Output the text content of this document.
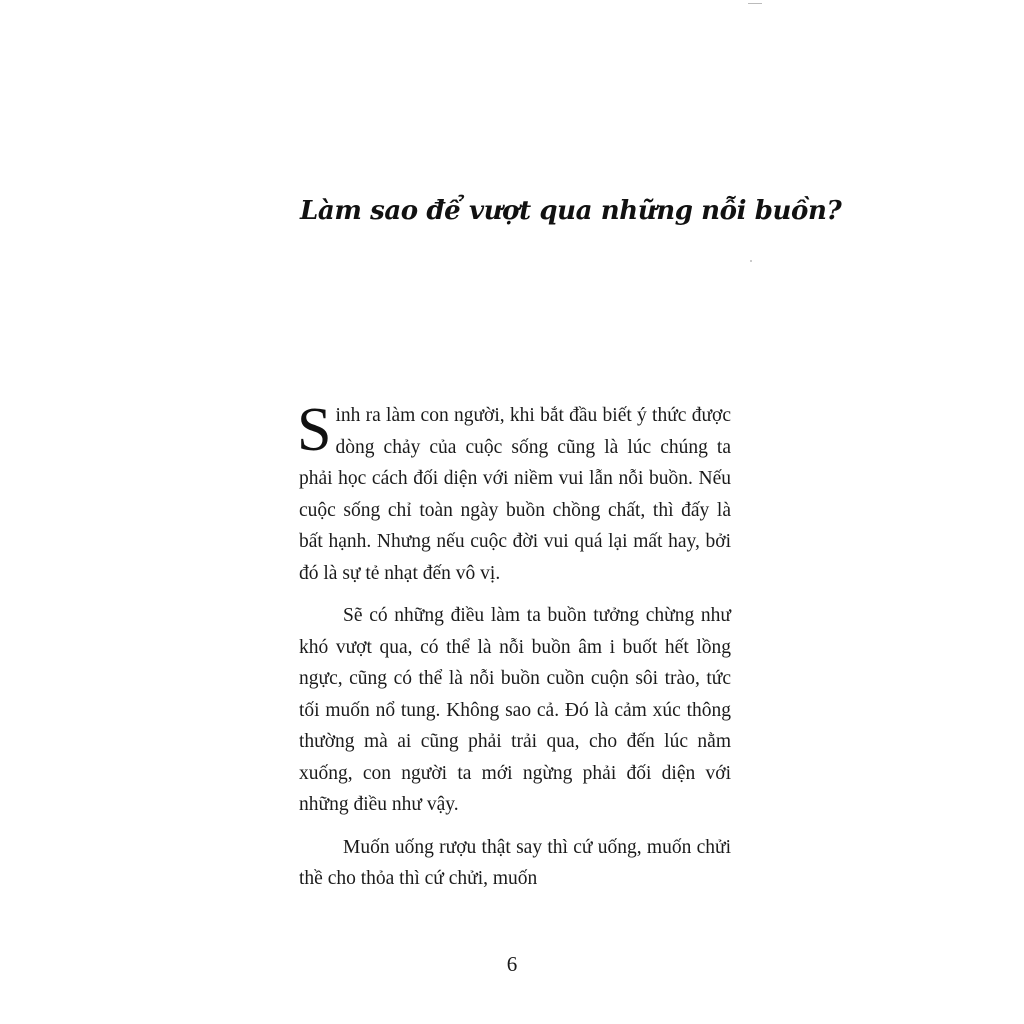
Làm sao để vượt qua những nỗi buồn?

Sinh ra làm con người, khi bắt đầu biết ý thức được dòng chảy của cuộc sống cũng là lúc chúng ta phải học cách đối diện với niềm vui lẫn nỗi buồn. Nếu cuộc sống chỉ toàn ngày buồn chồng chất, thì đấy là bất hạnh. Nhưng nếu cuộc đời vui quá lại mất hay, bởi đó là sự tẻ nhạt đến vô vị.

Sẽ có những điều làm ta buồn tưởng chừng như khó vượt qua, có thể là nỗi buồn âm i buốt hết lồng ngực, cũng có thể là nỗi buồn cuồn cuộn sôi trào, tức tối muốn nổ tung. Không sao cả. Đó là cảm xúc thông thường mà ai cũng phải trải qua, cho đến lúc nằm xuống, con người ta mới ngừng phải đối diện với những điều như vậy.

Muốn uống rượu thật say thì cứ uống, muốn chửi thề cho thỏa thì cứ chửi, muốn

6
